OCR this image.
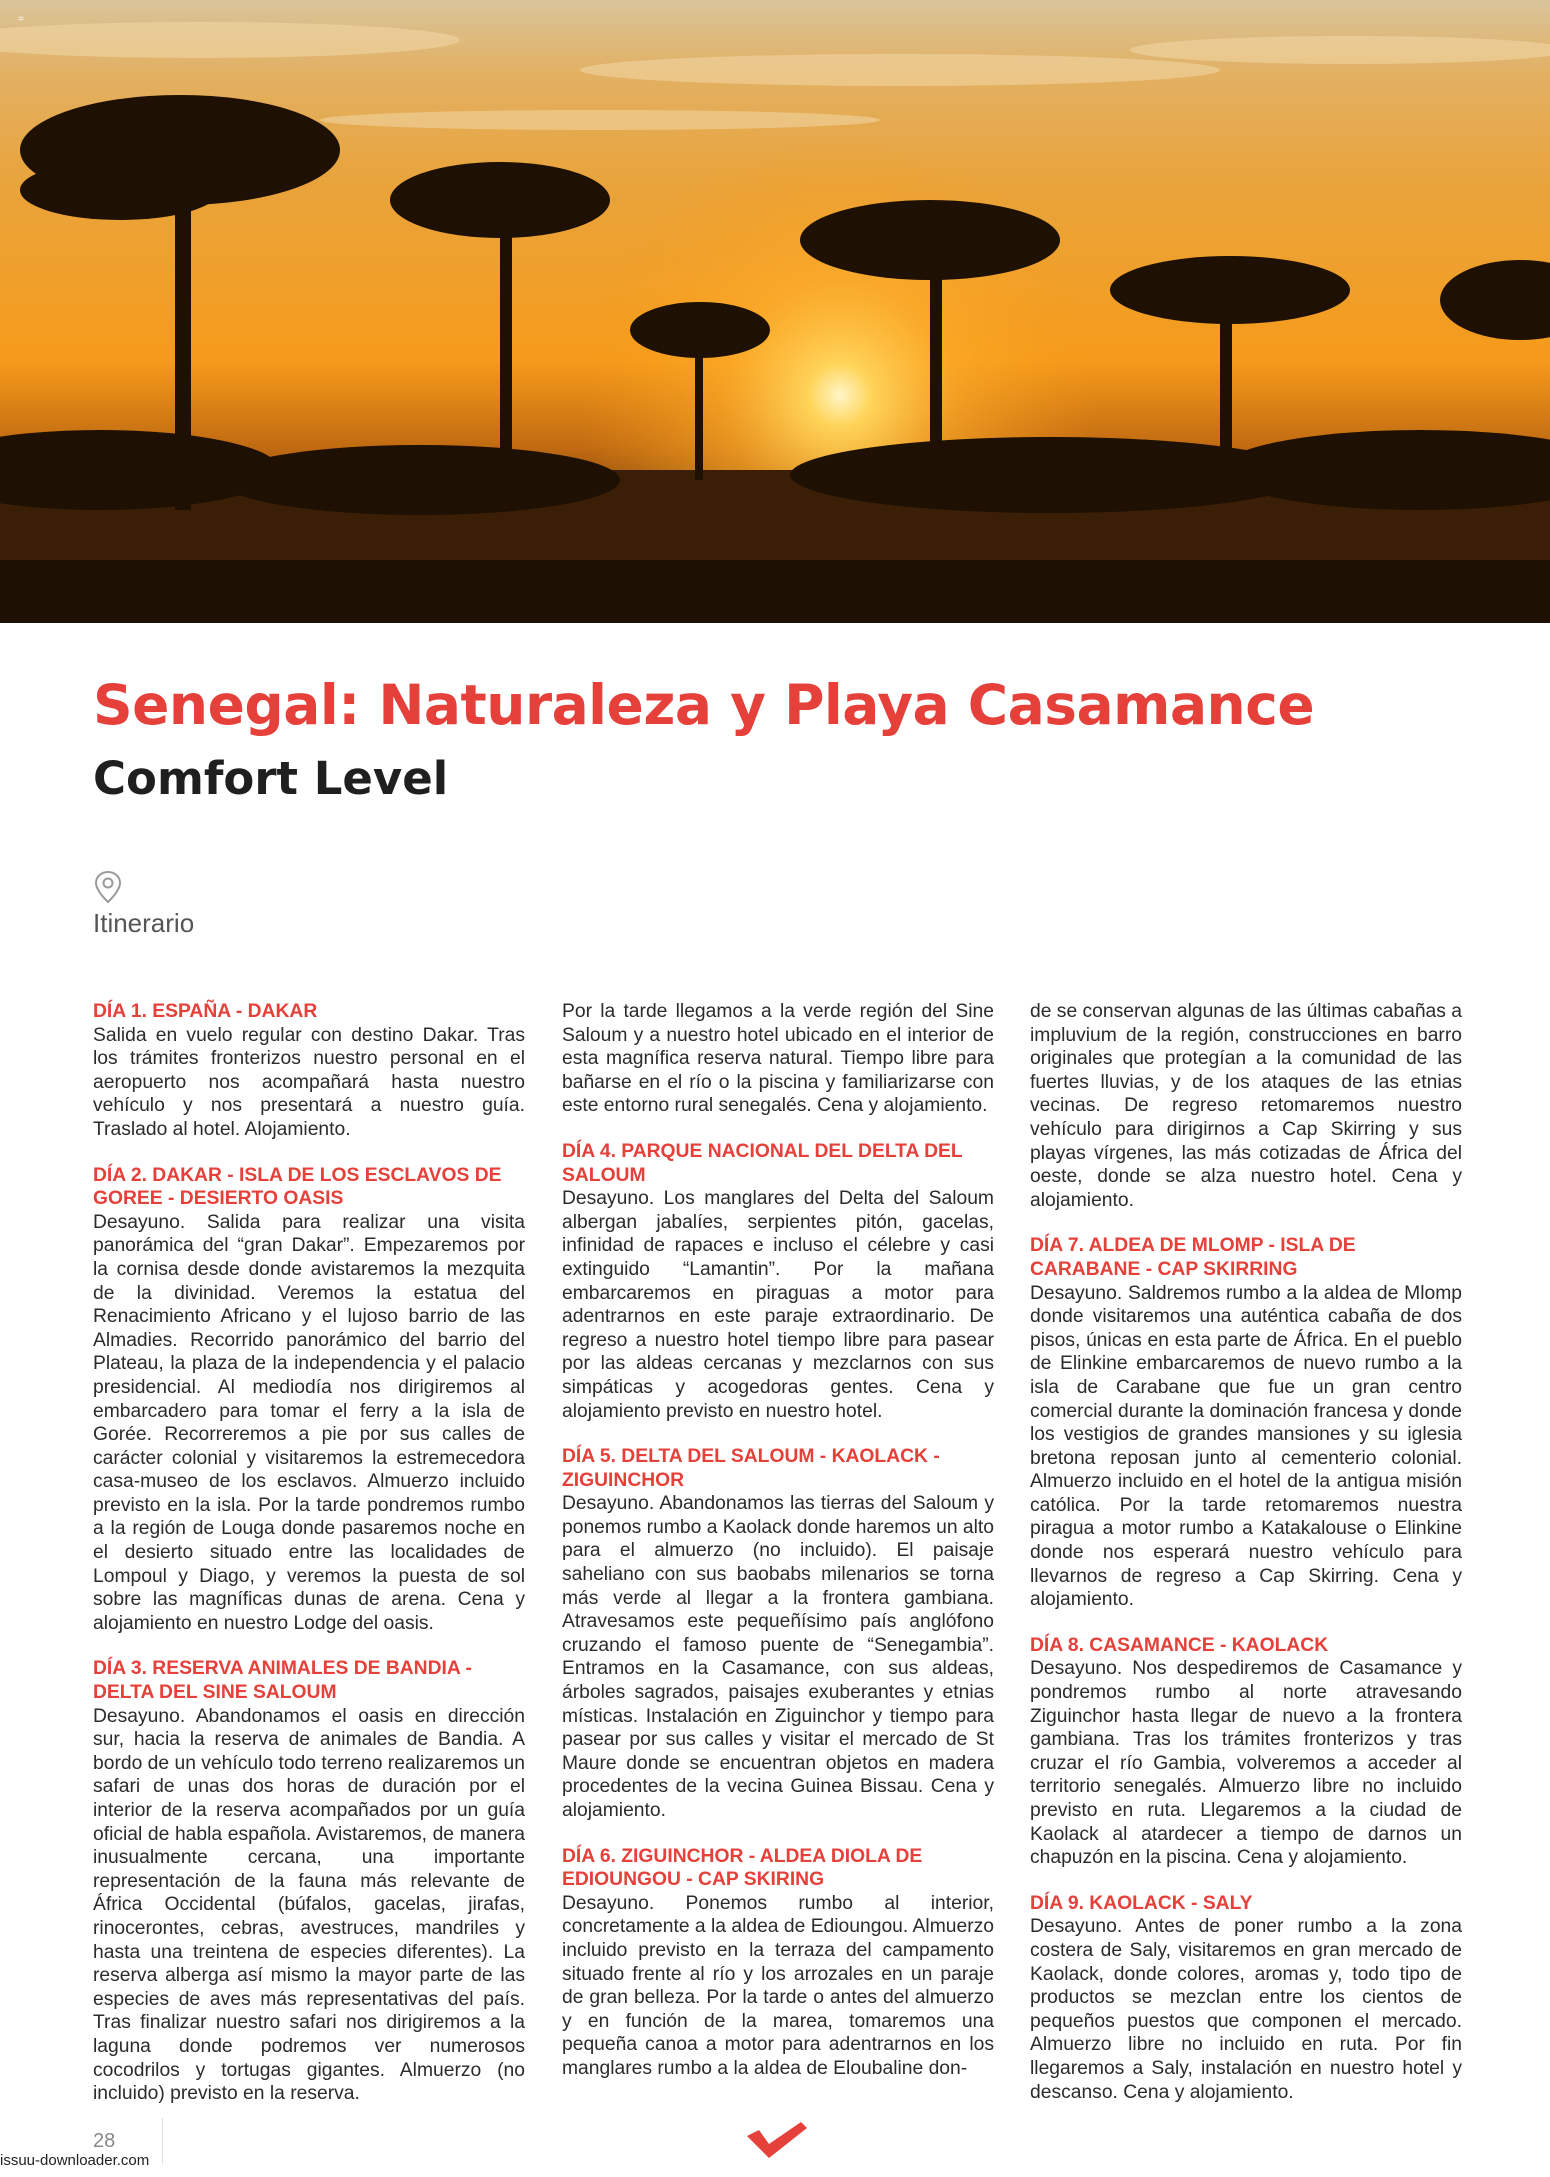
=
Senegal: Naturaleza y Playa Casamance
Comfort Level
Itinerario
DÍA 1. ESPAÑA - DAKAR

Salida en vuelo regular con destino Dakar. Tras los trámites fronterizos nuestro personal en el aeropuerto nos acompañará hasta nuestro vehículo y nos presentará a nuestro guía. Traslado al hotel. Alojamiento.

DÍA 2. DAKAR - ISLA DE LOS ESCLAVOS DE GOREE - DESIERTO OASIS

Desayuno. Salida para realizar una visita panorámica del “gran Dakar”. Empezaremos por la cornisa desde donde avistaremos la mezquita de la divinidad. Veremos la estatua del Renacimiento Africano y el lujoso barrio de las Almadies. Recorrido panorámico del barrio del Plateau, la plaza de la independencia y el palacio presidencial. Al mediodía nos dirigiremos al embarcadero para tomar el ferry a la isla de Gorée. Recorreremos a pie por sus calles de carácter colonial y visitaremos la estremecedora casa-museo de los esclavos. Almuerzo incluido previsto en la isla. Por la tarde pondremos rumbo a la región de Louga donde pasaremos noche en el desierto situado entre las localidades de Lompoul y Diago, y veremos la puesta de sol sobre las magníficas dunas de arena. Cena y alojamiento en nuestro Lodge del oasis.

DÍA 3. RESERVA ANIMALES DE BANDIA - DELTA DEL SINE SALOUM

Desayuno. Abandonamos el oasis en dirección sur, hacia la reserva de animales de Bandia. A bordo de un vehículo todo terreno realizaremos un safari de unas dos horas de duración por el interior de la reserva acompañados por un guía oficial de habla española. Avistaremos, de manera inusualmente cercana, una importante representación de la fauna más relevante de África Occidental (búfalos, gacelas, jirafas, rinocerontes, cebras, avestruces, mandriles y hasta una treintena de especies diferentes). La reserva alberga así mismo la mayor parte de las especies de aves más representativas del país. Tras finalizar nuestro safari nos dirigiremos a la laguna donde podremos ver numerosos cocodrilos y tortugas gigantes. Almuerzo (no incluido) previsto en la reserva.

Por la tarde llegamos a la verde región del Sine Saloum y a nuestro hotel ubicado en el interior de esta magnífica reserva natural. Tiempo libre para bañarse en el río o la piscina y familiarizarse con este entorno rural senegalés. Cena y alojamiento.

DÍA 4. PARQUE NACIONAL DEL DELTA DEL SALOUM

Desayuno. Los manglares del Delta del Saloum albergan jabalíes, serpientes pitón, gacelas, infinidad de rapaces e incluso el célebre y casi extinguido “Lamantin”. Por la mañana embarcaremos en piraguas a motor para adentrarnos en este paraje extraordinario. De regreso a nuestro hotel tiempo libre para pasear por las aldeas cercanas y mezclarnos con sus simpáticas y acogedoras gentes. Cena y alojamiento previsto en nuestro hotel.

DÍA 5. DELTA DEL SALOUM - KAOLACK - ZIGUINCHOR

Desayuno. Abandonamos las tierras del Saloum y ponemos rumbo a Kaolack donde haremos un alto para el almuerzo (no incluido). El paisaje saheliano con sus baobabs milenarios se torna más verde al llegar a la frontera gambiana. Atravesamos este pequeñísimo país anglófono cruzando el famoso puente de “Senegambia”. Entramos en la Casamance, con sus aldeas, árboles sagrados, paisajes exuberantes y etnias místicas. Instalación en Ziguinchor y tiempo para pasear por sus calles y visitar el mercado de St Maure donde se encuentran objetos en madera procedentes de la vecina Guinea Bissau. Cena y alojamiento.

DÍA 6. ZIGUINCHOR - ALDEA DIOLA DE EDIOUNGOU - CAP SKIRING

Desayuno. Ponemos rumbo al interior, concretamente a la aldea de Edioungou. Almuerzo incluido previsto en la terraza del campamento situado frente al río y los arrozales en un paraje de gran belleza. Por la tarde o antes del almuerzo y en función de la marea, tomaremos una pequeña canoa a motor para adentrarnos en los manglares rumbo a la aldea de Eloubaline don-

de se conservan algunas de las últimas cabañas a impluvium de la región, construcciones en barro originales que protegían a la comunidad de las fuertes lluvias, y de los ataques de las etnias vecinas. De regreso retomaremos nuestro vehículo para dirigirnos a Cap Skirring y sus playas vírgenes, las más cotizadas de África del oeste, donde se alza nuestro hotel. Cena y alojamiento.

DÍA 7. ALDEA DE MLOMP - ISLA DE CARABANE - CAP SKIRRING

Desayuno. Saldremos rumbo a la aldea de Mlomp donde visitaremos una auténtica cabaña de dos pisos, únicas en esta parte de África. En el pueblo de Elinkine embarcaremos de nuevo rumbo a la isla de Carabane que fue un gran centro comercial durante la dominación francesa y donde los vestigios de grandes mansiones y su iglesia bretona reposan junto al cementerio colonial. Almuerzo incluido en el hotel de la antigua misión católica. Por la tarde retomaremos nuestra piragua a motor rumbo a Katakalouse o Elinkine donde nos esperará nuestro vehículo para llevarnos de regreso a Cap Skirring. Cena y alojamiento.

DÍA 8. CASAMANCE - KAOLACK

Desayuno. Nos despediremos de Casamance y pondremos rumbo al norte atravesando Ziguinchor hasta llegar de nuevo a la frontera gambiana. Tras los trámites fronterizos y tras cruzar el río Gambia, volveremos a acceder al territorio senegalés. Almuerzo libre no incluido previsto en ruta. Llegaremos a la ciudad de Kaolack al atardecer a tiempo de darnos un chapuzón en la piscina. Cena y alojamiento.

DÍA 9. KAOLACK - SALY

Desayuno. Antes de poner rumbo a la zona costera de Saly, visitaremos en gran mercado de Kaolack, donde colores, aromas y, todo tipo de productos se mezclan entre los cientos de pequeños puestos que componen el mercado. Almuerzo libre no incluido en ruta. Por fin llegaremos a Saly, instalación en nuestro hotel y descanso. Cena y alojamiento.

28
issuu-downloader.com
